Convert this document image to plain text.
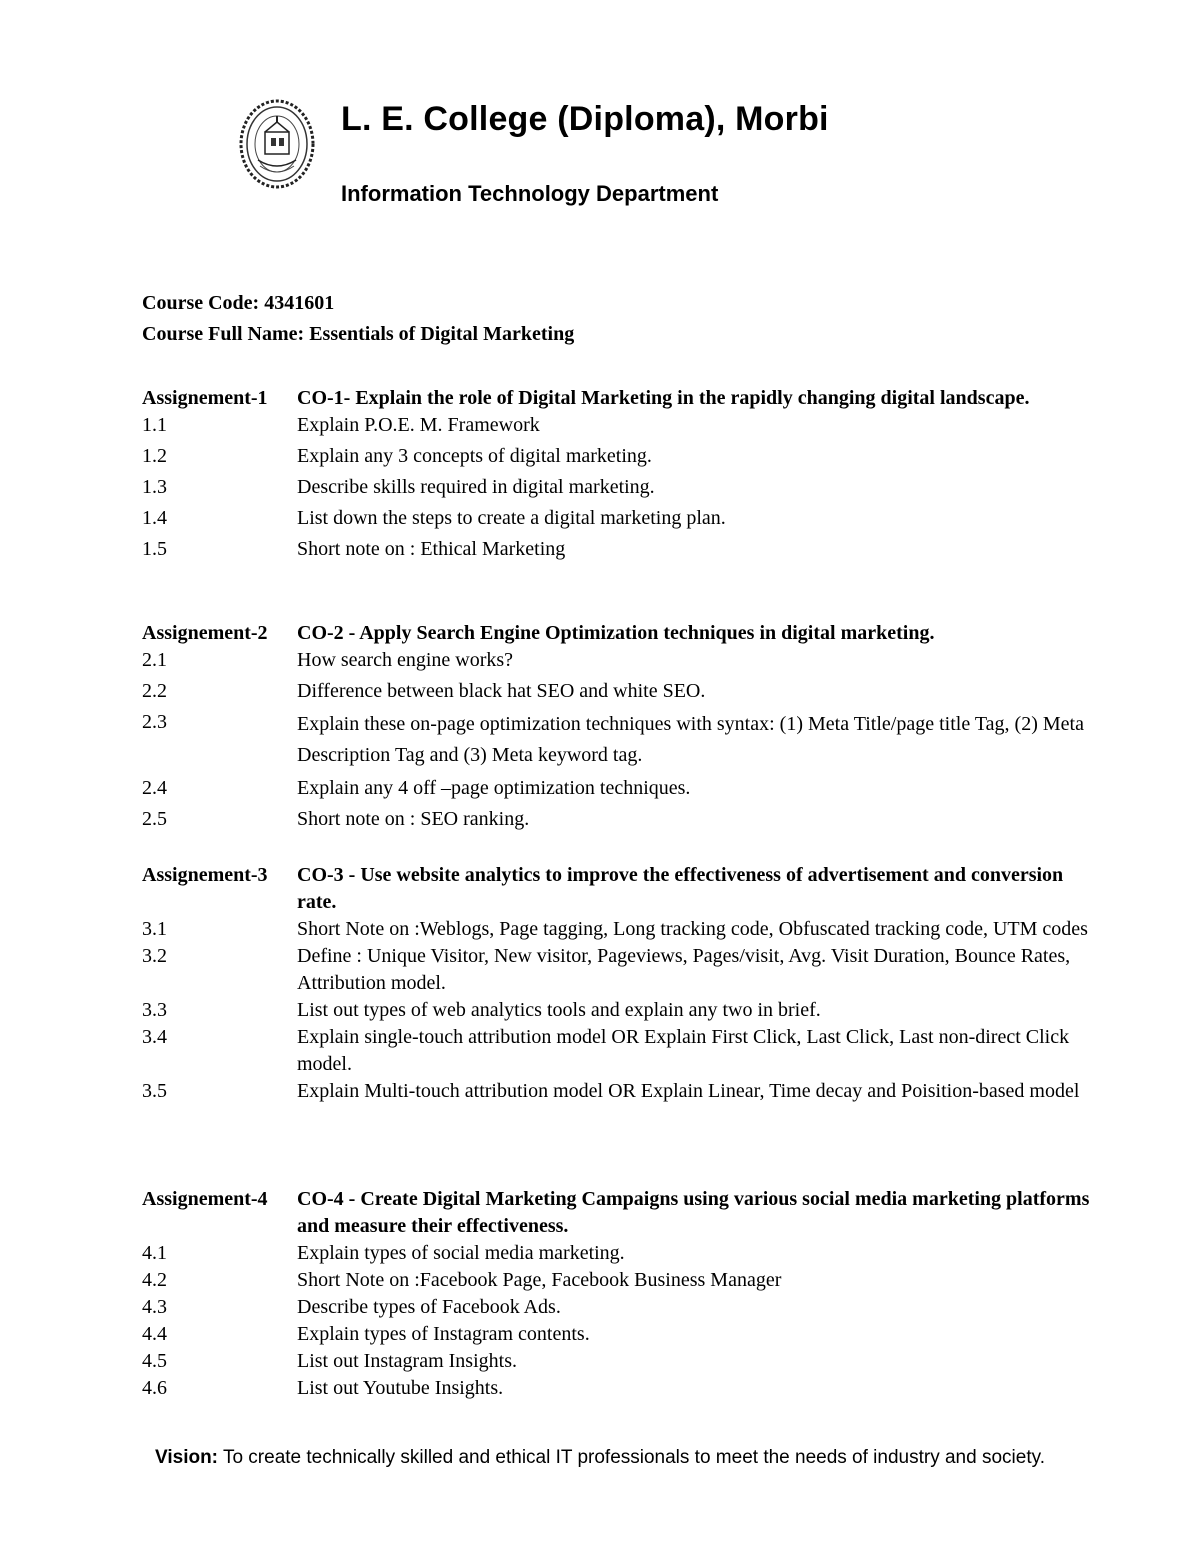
L. E. College (Diploma), Morbi
Information Technology Department
Course Code: 4341601
Course Full Name: Essentials of Digital Marketing
Assignement-1	CO-1- Explain the role of Digital Marketing in the rapidly changing digital landscape.
1.1	Explain P.O.E. M. Framework
1.2	Explain any 3 concepts of digital marketing.
1.3	Describe skills required in digital marketing.
1.4	List down the steps to create a digital marketing plan.
1.5	Short note on : Ethical Marketing
Assignement-2	CO-2 - Apply Search Engine Optimization techniques in digital marketing.
2.1	How search engine works?
2.2	Difference between black hat SEO and white SEO.
2.3	Explain these on-page optimization techniques with syntax: (1) Meta Title/page title Tag, (2) Meta Description Tag and (3) Meta keyword tag.
2.4	Explain any 4 off –page optimization techniques.
2.5	Short note on : SEO ranking.
Assignement-3	CO-3 - Use website analytics to improve the effectiveness of advertisement and conversion rate.
3.1	Short Note on :Weblogs, Page tagging, Long tracking code, Obfuscated tracking code, UTM codes
3.2	Define : Unique Visitor, New visitor, Pageviews, Pages/visit, Avg. Visit Duration, Bounce Rates, Attribution model.
3.3	List out types of web analytics tools and explain any two in brief.
3.4	Explain single-touch attribution model OR Explain First Click, Last Click, Last non-direct Click model.
3.5	Explain Multi-touch attribution model OR Explain Linear, Time decay and Poisition-based model
Assignement-4	CO-4 - Create Digital Marketing Campaigns using various social media marketing platforms and measure their effectiveness.
4.1	Explain types of social media marketing.
4.2	Short Note on :Facebook Page, Facebook Business Manager
4.3	Describe types of Facebook Ads.
4.4	Explain types of Instagram contents.
4.5	List out Instagram Insights.
4.6	List out Youtube Insights.
Vision: To create technically skilled and ethical IT professionals to meet the needs of industry and society.
